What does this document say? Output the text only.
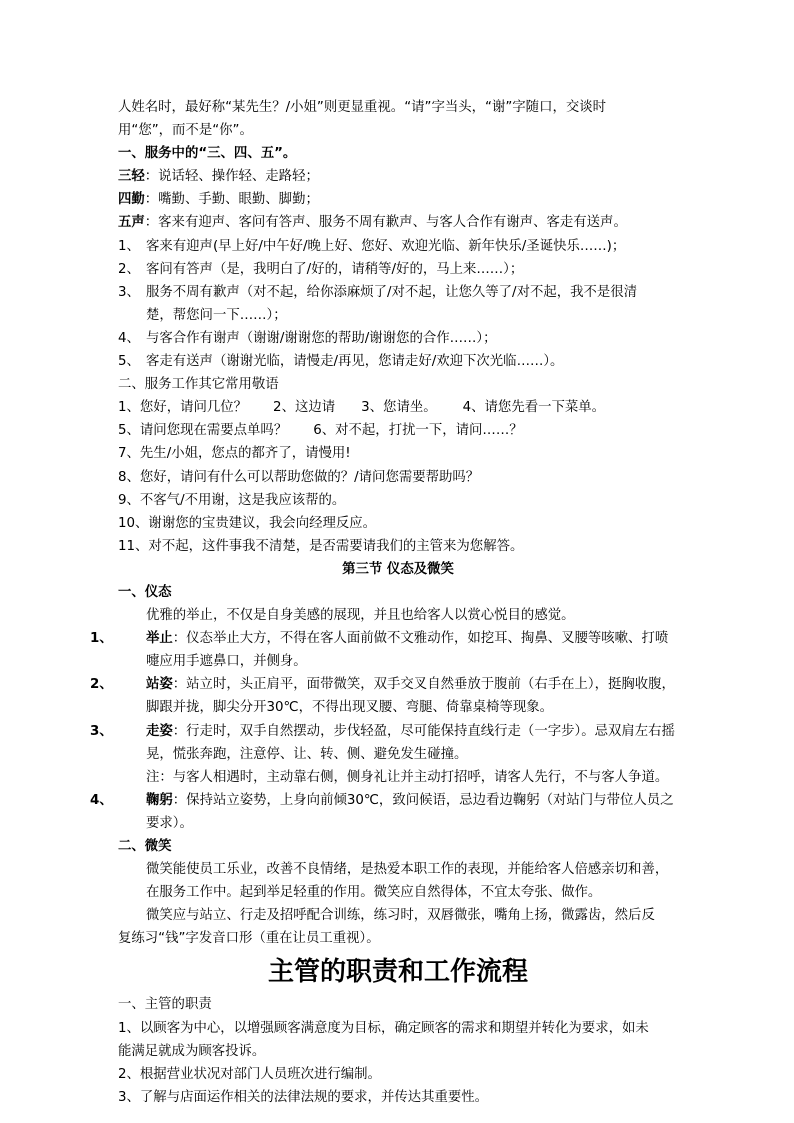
人姓名时，最好称“某先生？/小姐”则更显重视。“请”字当头，“谢”字随口，交谈时

用“您”，而不是“你”。

一、服务中的“三、四、五”。

三轻：说话轻、操作轻、走路轻；

四勤：嘴勤、手勤、眼勤、脚勤；

五声：客来有迎声、客问有答声、服务不周有歉声、与客人合作有谢声、客走有送声。

1、 客来有迎声(早上好/中午好/晚上好、您好、欢迎光临、新年快乐/圣诞快乐……)；

2、 客问有答声（是，我明白了/好的，请稍等/好的，马上来……）；

3、 服务不周有歉声（对不起，给你添麻烦了/对不起，让您久等了/对不起，我不是很清

楚，帮您问一下……）；

4、 与客合作有谢声（谢谢/谢谢您的帮助/谢谢您的合作……）；

5、 客走有送声（谢谢光临，请慢走/再见，您请走好/欢迎下次光临……）。

二、服务工作其它常用敬语

1、您好，请问几位？ 2、这边请 3、您请坐。 4、请您先看一下菜单。

5、请问您现在需要点单吗？ 6、对不起，打扰一下，请问……？

7、先生/小姐，您点的都齐了，请慢用!

8、您好，请问有什么可以帮助您做的？/请问您需要帮助吗？

9、不客气/不用谢，这是我应该帮的。

10、谢谢您的宝贵建议，我会向经理反应。

11、对不起，这件事我不清楚，是否需要请我们的主管来为您解答。

第三节 仪态及微笑

一、仪态

优雅的举止，不仅是自身美感的展现，并且也给客人以赏心悦目的感觉。

1、 举止：仪态举止大方，不得在客人面前做不文雅动作，如挖耳、掏鼻、叉腰等咳嗽、打喷嚏应用手遮鼻口，并侧身。

2、 站姿：站立时，头正肩平，面带微笑，双手交叉自然垂放于腹前（右手在上），挺胸收腹，脚跟并拢，脚尖分开30℃，不得出现叉腰、弯腿、倚靠桌椅等现象。

3、 走姿：行走时，双手自然摆动，步伐轻盈，尽可能保持直线行走（一字步）。忌双肩左右摇晃，慌张奔跑，注意停、让、转、侧、避免发生碰撞。

注：与客人相遇时，主动靠右侧，侧身礼让并主动打招呼，请客人先行，不与客人争道。

4、 鞠躬：保持站立姿势，上身向前倾30℃，致问候语，忌边看边鞠躬（对站门与带位人员之要求）。

二、微笑

微笑能使员工乐业，改善不良情绪，是热爱本职工作的表现，并能给客人倍感亲切和善，在服务工作中。起到举足轻重的作用。微笑应自然得体，不宜太夸张、做作。

微笑应与站立、行走及招呼配合训练，练习时，双唇微张，嘴角上扬，微露齿，然后反

复练习“钱”字发音口形（重在让员工重视）。

主管的职责和工作流程

一、主管的职责

1、以顾客为中心，以增强顾客满意度为目标，确定顾客的需求和期望并转化为要求，如未

能满足就成为顾客投诉。

2、根据营业状况对部门人员班次进行编制。

3、了解与店面运作相关的法律法规的要求，并传达其重要性。
